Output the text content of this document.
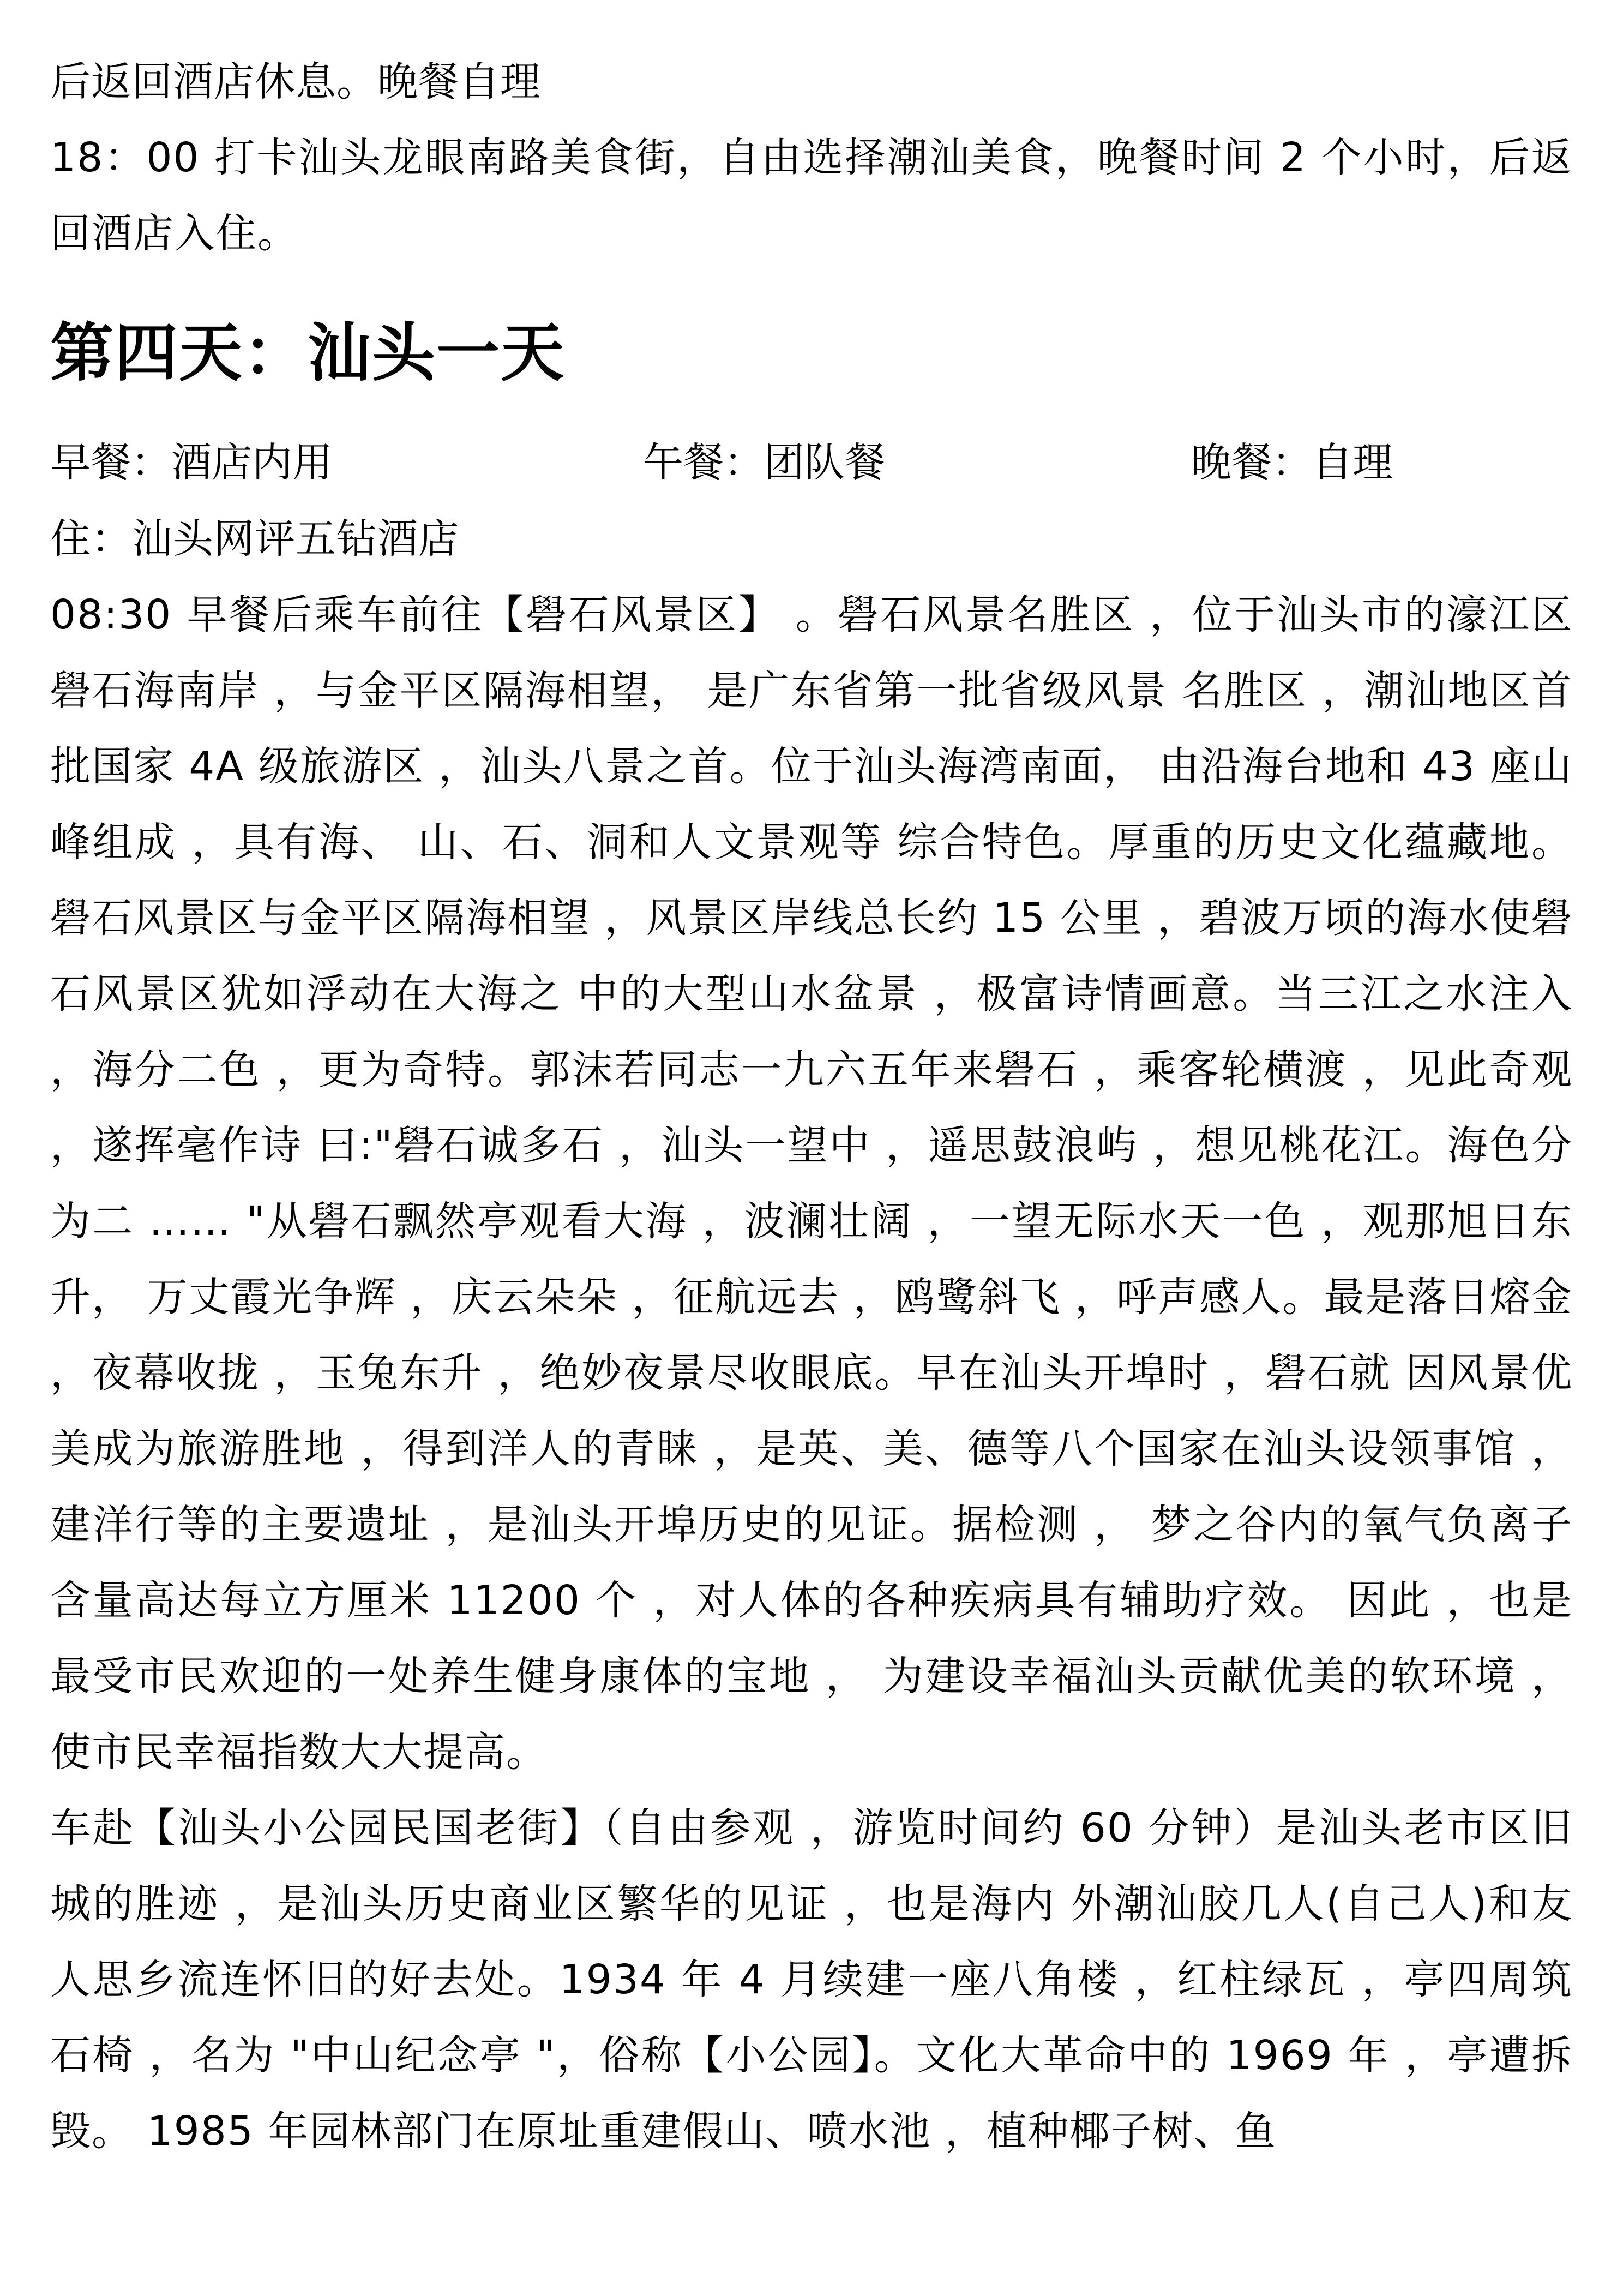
后返回酒店休息。晚餐自理

18：00 打卡汕头龙眼南路美食街，自由选择潮汕美食，晚餐时间 2 个小时，后返回酒店入住。

第四天：汕头一天

早餐：酒店内用	午餐：团队餐	晚餐：自理

住：汕头网评五钻酒店

08:30 早餐后乘车前往【礐石风景区】 。礐石风景名胜区 ，位于汕头市的濠江区礐石海南岸 ，与金平区隔海相望， 是广东省第一批省级风景 名胜区 ，潮汕地区首批国家 4A 级旅游区 ，汕头八景之首。位于汕头海湾南面， 由沿海台地和 43 座山峰组成 ，具有海、 山、石、洞和人文景观等 综合特色。厚重的历史文化蕴藏地。礐石风景区与金平区隔海相望 ，风景区岸线总长约 15 公里 ，碧波万顷的海水使礐石风景区犹如浮动在大海之 中的大型山水盆景 ，极富诗情画意。当三江之水注入 ，海分二色 ，更为奇特。郭沫若同志一九六五年来礐石 ，乘客轮横渡 ，见此奇观 ，遂挥毫作诗 曰:"礐石诚多石 ，汕头一望中 ，遥思鼓浪屿 ，想见桃花江。海色分为二 …… "从礐石飘然亭观看大海 ，波澜壮阔 ，一望无际水天一色 ，观那旭日东升， 万丈霞光争辉 ，庆云朵朵 ，征航远去 ，鸥鹭斜飞 ，呼声感人。最是落日熔金 ，夜幕收拢 ，玉兔东升 ，绝妙夜景尽收眼底。早在汕头开埠时 ，礐石就 因风景优美成为旅游胜地 ，得到洋人的青睐 ，是英、美、德等八个国家在汕头设领事馆 ，建洋行等的主要遗址 ，是汕头开埠历史的见证。据检测 ， 梦之谷内的氧气负离子含量高达每立方厘米 11200 个 ，对人体的各种疾病具有辅助疗效。 因此 ，也是最受市民欢迎的一处养生健身康体的宝地 ， 为建设幸福汕头贡献优美的软环境 ，使市民幸福指数大大提高。

车赴【汕头小公园民国老街】（自由参观 ，游览时间约 60 分钟）是汕头老市区旧城的胜迹 ，是汕头历史商业区繁华的见证 ，也是海内 外潮汕胶几人(自己人)和友人思乡流连怀旧的好去处。1934 年 4 月续建一座八角楼 ，红柱绿瓦 ，亭四周筑石椅 ，名为 "中山纪念亭 "，俗称【小公园】。文化大革命中的 1969 年 ，亭遭拆毁。 1985 年园林部门在原址重建假山、喷水池 ，植种椰子树、鱼
